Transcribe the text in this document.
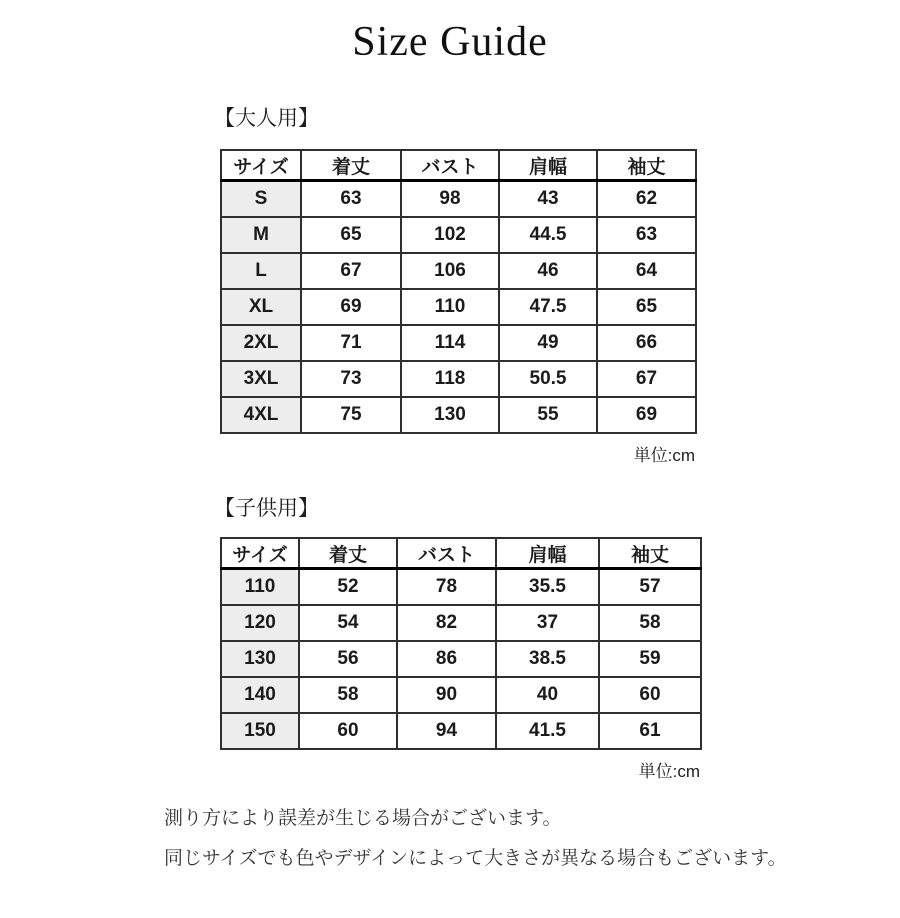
Size Guide
【大人用】
サイズ	着丈	バスト	肩幅	袖丈
S	63	98	43	62
M	65	102	44.5	63
L	67	106	46	64
XL	69	110	47.5	65
2XL	71	114	49	66
3XL	73	118	50.5	67
4XL	75	130	55	69
単位:cm
【子供用】
サイズ	着丈	バスト	肩幅	袖丈
110	52	78	35.5	57
120	54	82	37	58
130	56	86	38.5	59
140	58	90	40	60
150	60	94	41.5	61
単位:cm

測り方により誤差が生じる場合がございます。

同じサイズでも色やデザインによって大きさが異なる場合もございます。
